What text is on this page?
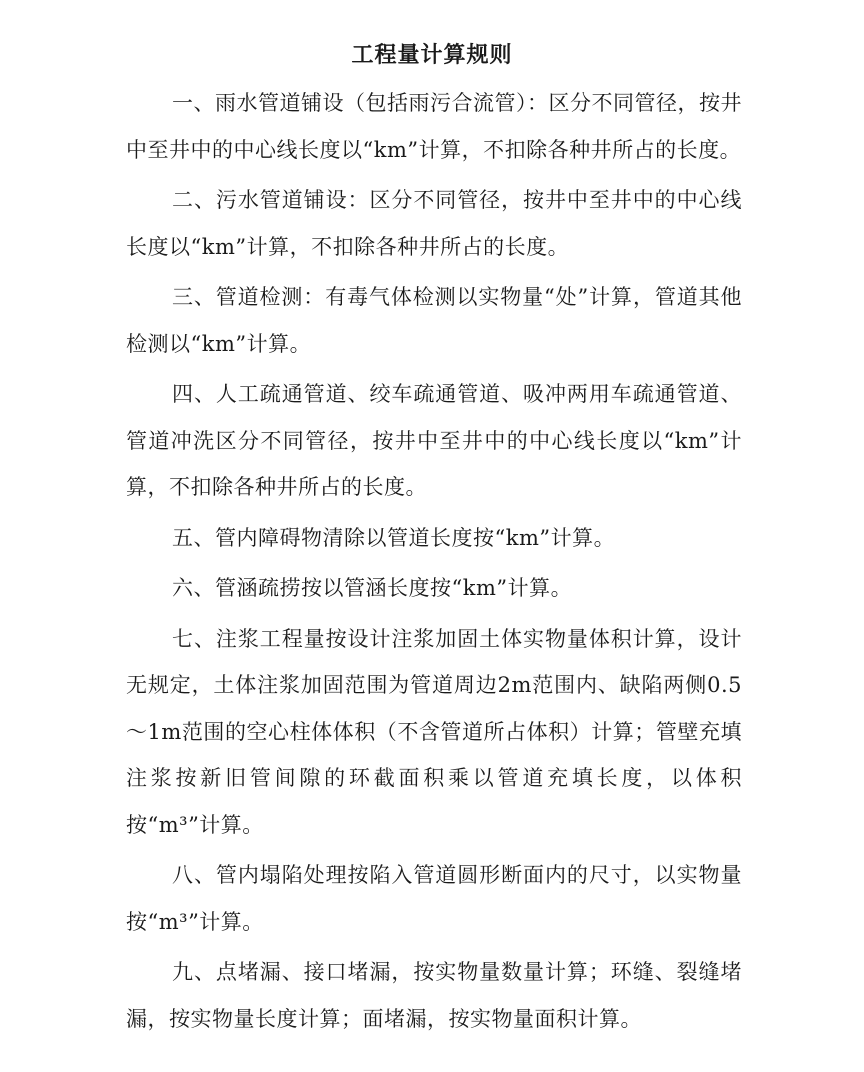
工程量计算规则

一、雨水管道铺设（包括雨污合流管）：区分不同管径，按井中至井中的中心线长度以“km”计算，不扣除各种井所占的长度。

二、污水管道铺设：区分不同管径，按井中至井中的中心线长度以“km”计算，不扣除各种井所占的长度。

三、管道检测：有毒气体检测以实物量“处”计算，管道其他检测以“km”计算。

四、人工疏通管道、绞车疏通管道、吸冲两用车疏通管道、管道冲洗区分不同管径，按井中至井中的中心线长度以“km”计算，不扣除各种井所占的长度。

五、管内障碍物清除以管道长度按“km”计算。

六、管涵疏捞按以管涵长度按“km”计算。

七、注浆工程量按设计注浆加固土体实物量体积计算，设计无规定，土体注浆加固范围为管道周边2m范围内、缺陷两侧0.5～1m范围的空心柱体体积（不含管道所占体积）计算；管壁充填注浆按新旧管间隙的环截面积乘以管道充填长度，以体积按“m³”计算。

八、管内塌陷处理按陷入管道圆形断面内的尺寸，以实物量按“m³”计算。

九、点堵漏、接口堵漏，按实物量数量计算；环缝、裂缝堵漏，按实物量长度计算；面堵漏，按实物量面积计算。
